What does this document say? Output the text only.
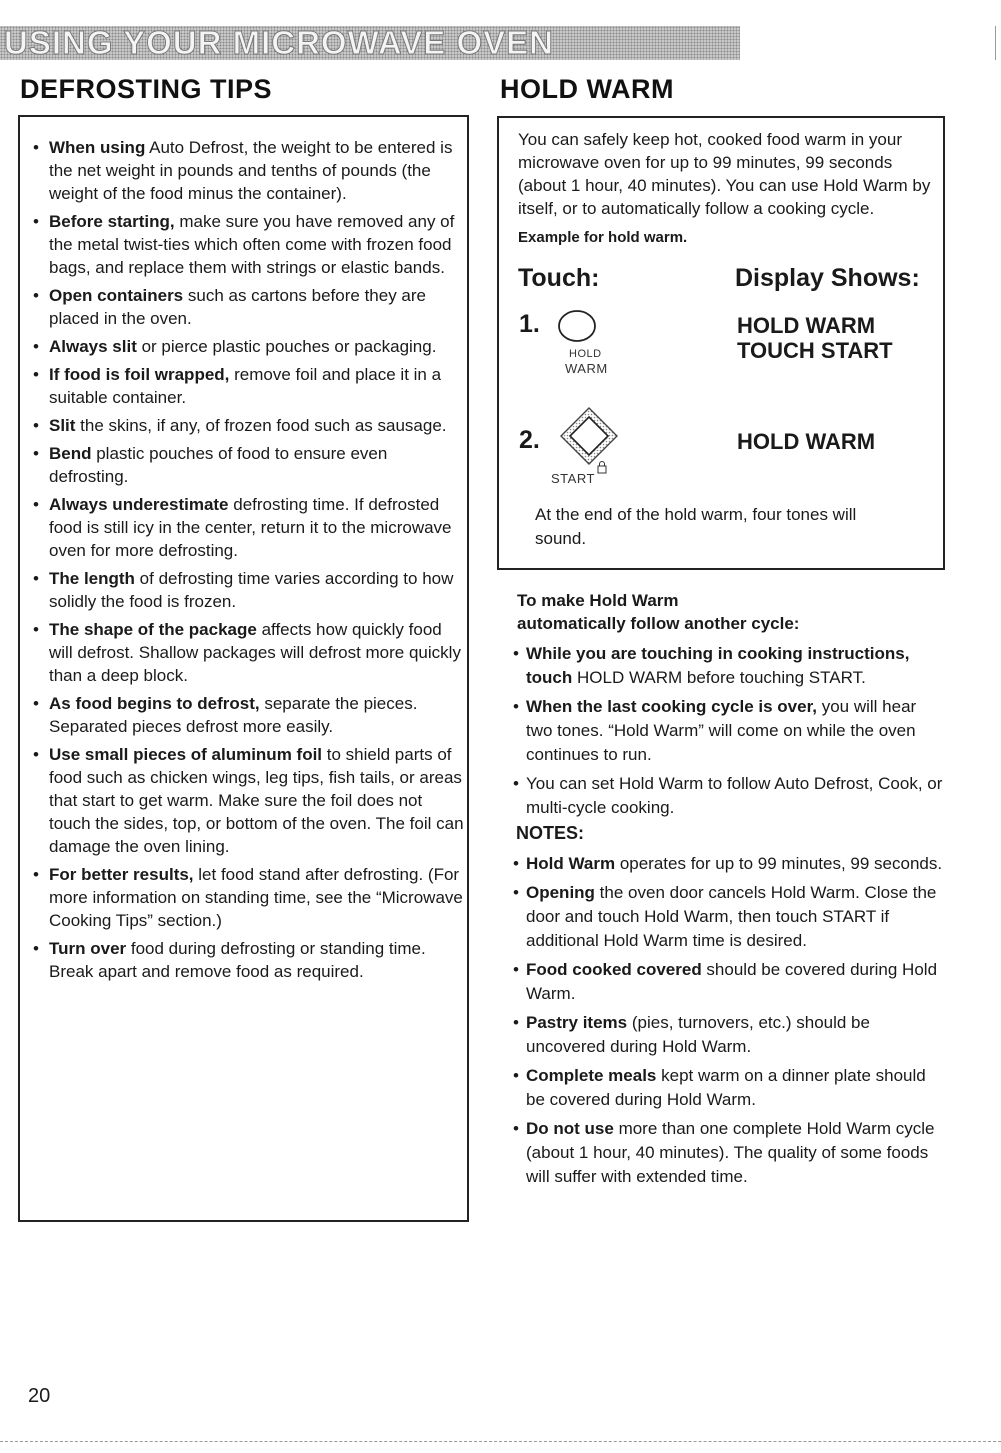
USING YOUR MICROWAVE OVEN
DEFROSTING TIPS	HOLD WARM
• When using Auto Defrost, the weight to be entered is the net weight in pounds and tenths of pounds (the weight of the food minus the container).
• Before starting, make sure you have removed any of the metal twist-ties which often come with frozen food bags, and replace them with strings or elastic bands.
• Open containers such as cartons before they are placed in the oven.
• Always slit or pierce plastic pouches or packaging.
• If food is foil wrapped, remove foil and place it in a suitable container.
• Slit the skins, if any, of frozen food such as sausage.
• Bend plastic pouches of food to ensure even defrosting.
• Always underestimate defrosting time. If defrosted food is still icy in the center, return it to the microwave oven for more defrosting.
• The length of defrosting time varies according to how solidly the food is frozen.
• The shape of the package affects how quickly food will defrost. Shallow packages will defrost more quickly than a deep block.
• As food begins to defrost, separate the pieces. Separated pieces defrost more easily.
• Use small pieces of aluminum foil to shield parts of food such as chicken wings, leg tips, fish tails, or areas that start to get warm. Make sure the foil does not touch the sides, top, or bottom of the oven. The foil can damage the oven lining.
• For better results, let food stand after defrosting. (For more information on standing time, see the “Microwave Cooking Tips” section.)
• Turn over food during defrosting or standing time. Break apart and remove food as required.
You can safely keep hot, cooked food warm in your microwave oven for up to 99 minutes, 99 seconds (about 1 hour, 40 minutes). You can use Hold Warm by itself, or to automatically follow a cooking cycle.
Example for hold warm.
Touch:	Display Shows:
1.
HOLD
WARM
HOLD WARM
TOUCH START
2.
START
HOLD WARM
At the end of the hold warm, four tones will sound.
To make Hold Warm
automatically follow another cycle:
• While you are touching in cooking instructions, touch HOLD WARM before touching START.
• When the last cooking cycle is over, you will hear two tones. “Hold Warm” will come on while the oven continues to run.
• You can set Hold Warm to follow Auto Defrost, Cook, or multi-cycle cooking.
NOTES:
• Hold Warm operates for up to 99 minutes, 99 seconds.
• Opening the oven door cancels Hold Warm. Close the door and touch Hold Warm, then touch START if additional Hold Warm time is desired.
• Food cooked covered should be covered during Hold Warm.
• Pastry items (pies, turnovers, etc.) should be uncovered during Hold Warm.
• Complete meals kept warm on a dinner plate should be covered during Hold Warm.
• Do not use more than one complete Hold Warm cycle (about 1 hour, 40 minutes). The quality of some foods will suffer with extended time.
20
